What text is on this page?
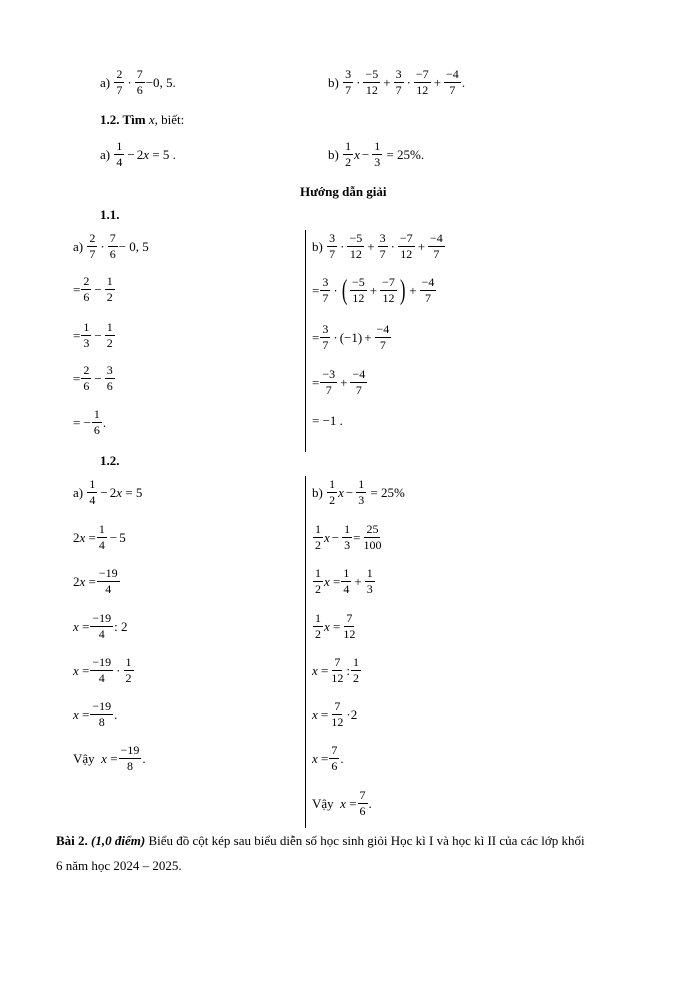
a)
$\frac{2}{7} \cdot \frac{7}{6} -0$, 5.	b)
$\frac{3}{7} \cdot \frac{-5}{12} + \frac{3}{7} \cdot \frac{-7}{12} + \frac{-4}{7}$ .
1.2. Tìm x, biết:
a)
$\frac{1}{4} - 2$ x
= 5 .	b)
$\frac{1}{2}$ $x - \frac{1}{3}$
= 25%.
Hướng dẫn giải
1.1.
a)
$\frac{2}{7} \cdot \frac{7}{6} - 0$, 5
= $\frac{2}{6} - \frac{1}{2}$
= $\frac{1}{3} - \frac{1}{2}$
= $\frac{2}{6} - \frac{3}{6}$
= − $\frac{1}{6}$ .
b)
$\frac{3}{7} \cdot \frac{-5}{12} + \frac{3}{7} \cdot \frac{-7}{12} + \frac{-4}{7}$
= $\frac{3}{7}$ · ( $\frac{-5}{12} + \frac{-7}{12}$ ) + $\frac{-4}{7}$
= $\frac{3}{7} \cdot (-1) + \frac{-4}{7}$
= $\frac{-3}{7} + \frac{-4}{7}$
= −1 .
1.2.
a)
$\frac{1}{4} - 2$ x
= 5
2 x
= $\frac{1}{4} - 5$
2 x
= $\frac{-19}{4}$
x
= $\frac{-19}{4}$ : 2
x
= $\frac{-19}{4} \cdot \frac{1}{2}$
x
= $\frac{-19}{8}$ .
Vậy
x
= $\frac{-19}{8}$ .
b)
$\frac{1}{2}$ $x - \frac{1}{3}$
= 25%
$\frac{1}{2}$ $x - \frac{1}{3} = \frac{25}{100}$
$\frac{1}{2}$ x
= $\frac{1}{4} + \frac{1}{3}$
$\frac{1}{2}$ x
= $\frac{7}{12}$
x
= $\frac{7}{12}$ : $\frac{1}{2}$
x
= $\frac{7}{12} \cdot 2$
x
= $\frac{7}{6}$ .
Vậy
x
= $\frac{7}{6}$ .
Bài 2. (1,0 điểm) Biểu đồ cột kép sau biểu diễn số học sinh giỏi Học kì I và học kì II của các lớp khối
6 năm học 2024 – 2025.
